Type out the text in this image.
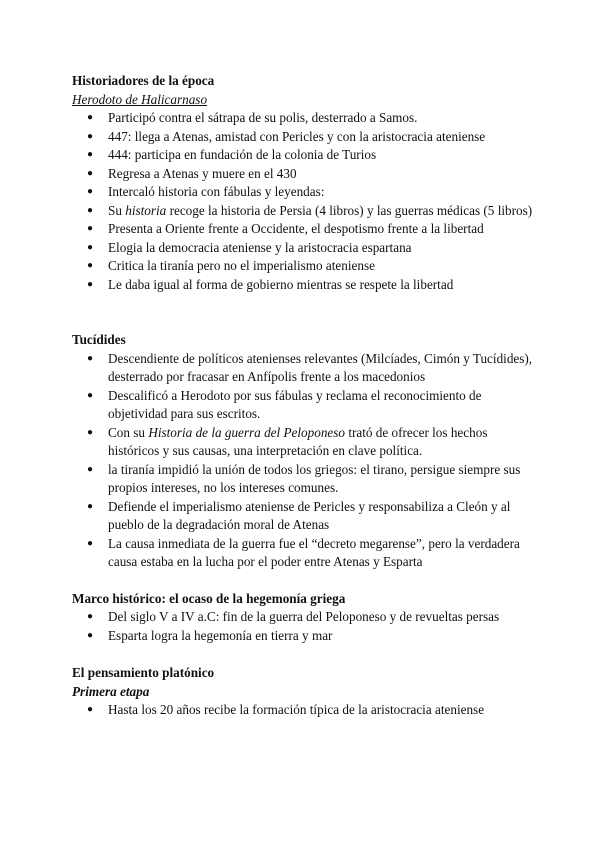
Historiadores de la época

Herodoto de Halicarnaso

● Participó contra el sátrapa de su polis, desterrado a Samos.
● 447: llega a Atenas, amistad con Pericles y con la aristocracia ateniense
● 444: participa en fundación de la colonia de Turios
● Regresa a Atenas y muere en el 430
● Intercaló historia con fábulas y leyendas:
● Su historia recoge la historia de Persia (4 libros) y las guerras médicas (5 libros)
● Presenta a Oriente frente a Occidente, el despotismo frente a la libertad
● Elogia la democracia ateniense y la aristocracia espartana
● Critica la tiranía pero no el imperialismo ateniense
● Le daba igual al forma de gobierno mientras se respete la libertad

Tucídides

● Descendiente de políticos atenienses relevantes (Milcíades, Cimón y Tucídides), desterrado por fracasar en Anfípolis frente a los macedonios
● Descalificó a Herodoto por sus fábulas y reclama el reconocimiento de objetividad para sus escritos.
● Con su Historia de la guerra del Peloponeso trató de ofrecer los hechos históricos y sus causas, una interpretación en clave política.
● la tiranía impidió la unión de todos los griegos: el tirano, persigue siempre sus propios intereses, no los intereses comunes.
● Defiende el imperialismo ateniense de Pericles y responsabiliza a Cleón y al pueblo de la degradación moral de Atenas
● La causa inmediata de la guerra fue el “decreto megarense”, pero la verdadera causa estaba en la lucha por el poder entre Atenas y Esparta

Marco histórico: el ocaso de la hegemonía griega

● Del siglo V a IV a.C: fin de la guerra del Peloponeso y de revueltas persas
● Esparta logra la hegemonía en tierra y mar

El pensamiento platónico

Primera etapa

● Hasta los 20 años recibe la formación típica de la aristocracia ateniense
